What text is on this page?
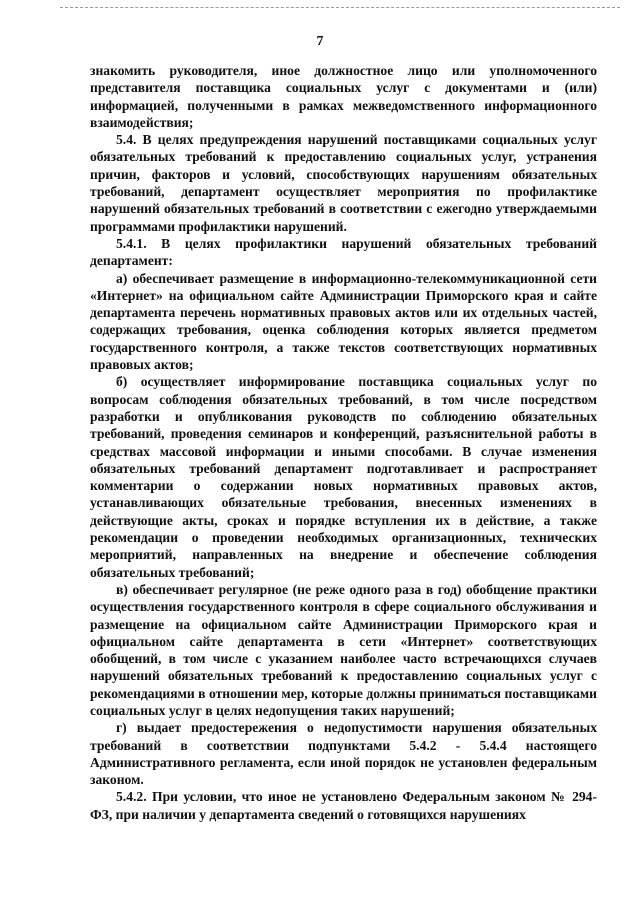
7

знакомить руководителя, иное должностное лицо или уполномоченного представителя поставщика социальных услуг с документами и (или) информацией, полученными в рамках межведомственного информационного взаимодействия;

5.4. В целях предупреждения нарушений поставщиками социальных услуг обязательных требований к предоставлению социальных услуг, устранения причин, факторов и условий, способствующих нарушениям обязательных требований, департамент осуществляет мероприятия по профилактике нарушений обязательных требований в соответствии с ежегодно утверждаемыми программами профилактики нарушений.

5.4.1. В целях профилактики нарушений обязательных требований департамент:

а) обеспечивает размещение в информационно-телекоммуникационной сети «Интернет» на официальном сайте Администрации Приморского края и сайте департамента перечень нормативных правовых актов или их отдельных частей, содержащих требования, оценка соблюдения которых является предметом государственного контроля, а также текстов соответствующих нормативных правовых актов;

б) осуществляет информирование поставщика социальных услуг по вопросам соблюдения обязательных требований, в том числе посредством разработки и опубликования руководств по соблюдению обязательных требований, проведения семинаров и конференций, разъяснительной работы в средствах массовой информации и иными способами. В случае изменения обязательных требований департамент подготавливает и распространяет комментарии о содержании новых нормативных правовых актов, устанавливающих обязательные требования, внесенных изменениях в действующие акты, сроках и порядке вступления их в действие, а также рекомендации о проведении необходимых организационных, технических мероприятий, направленных на внедрение и обеспечение соблюдения обязательных требований;

в) обеспечивает регулярное (не реже одного раза в год) обобщение практики осуществления государственного контроля в сфере социального обслуживания и размещение на официальном сайте Администрации Приморского края и официальном сайте департамента в сети «Интернет» соответствующих обобщений, в том числе с указанием наиболее часто встречающихся случаев нарушений обязательных требований к предоставлению социальных услуг с рекомендациями в отношении мер, которые должны приниматься поставщиками социальных услуг в целях недопущения таких нарушений;

г) выдает предостережения о недопустимости нарушения обязательных требований в соответствии подпунктами 5.4.2 - 5.4.4 настоящего Административного регламента, если иной порядок не установлен федеральным законом.

5.4.2. При условии, что иное не установлено Федеральным законом № 294-ФЗ, при наличии у департамента сведений о готовящихся нарушениях
